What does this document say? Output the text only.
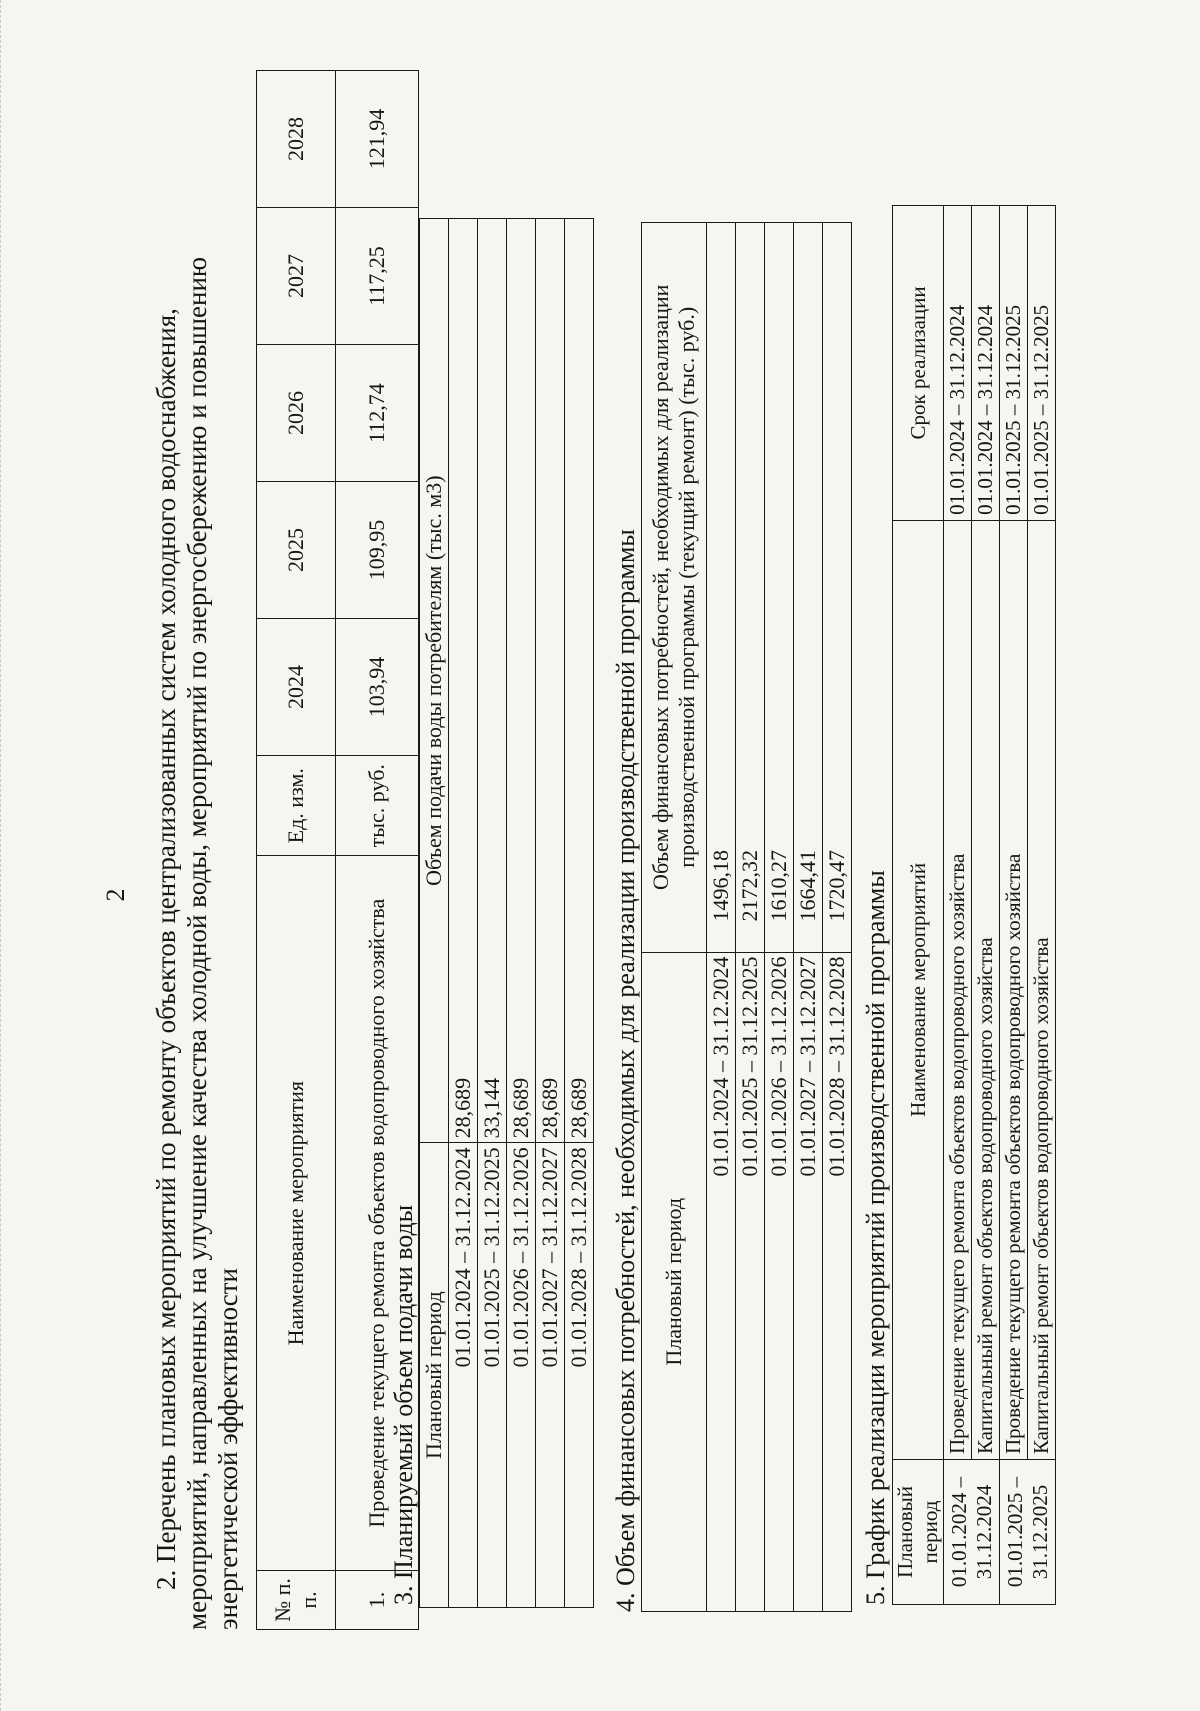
2 2. Перечень плановых мероприятий по ремонту объектов централизованных систем холодного водоснабжения, мероприятий, направленных на улучшение качества холодной воды, мероприятий по энергосбережению и повышению энергетической эффективности № п. п.	Наименование мероприятия	Ед. изм.	2024	2025	2026	2027	2028
1.	Проведение текущего ремонта объектов водопроводного хозяйства	тыс. руб.	103,94	109,95	112,74	117,25	121,94
3. Планируемый объем подачи воды Плановый период	Объем подачи воды потребителям (тыс. м3)
01.01.2024 – 31.12.2024	28,689
01.01.2025 – 31.12.2025	33,144
01.01.2026 – 31.12.2026	28,689
01.01.2027 – 31.12.2027	28,689
01.01.2028 – 31.12.2028	28,689 4. Объем финансовых потребностей, необходимых для реализации производственной программы Плановый период	Объем финансовых потребностей, необходимых для реализации производственной программы (текущий ремонт) (тыс. руб.)

01.01.2024 – 31.12.2024	1496,18
01.01.2025 – 31.12.2025	2172,32
01.01.2026 – 31.12.2026	1610,27
01.01.2027 – 31.12.2027	1664,41
01.01.2028 – 31.12.2028	1720,47 5. График реализации мероприятий производственной программы Плановый период	Наименование мероприятий	Срок реализации

01.01.2024 – 31.12.2024	Проведение текущего ремонта объектов водопроводного хозяйства	01.01.2024 – 31.12.2024
	Капитальный ремонт объектов водопроводного хозяйства	01.01.2024 – 31.12.2024

01.01.2025 – 31.12.2025	Проведение текущего ремонта объектов водопроводного хозяйства	01.01.2025 – 31.12.2025
	Капитальный ремонт объектов водопроводного хозяйства	01.01.2025 – 31.12.2025
